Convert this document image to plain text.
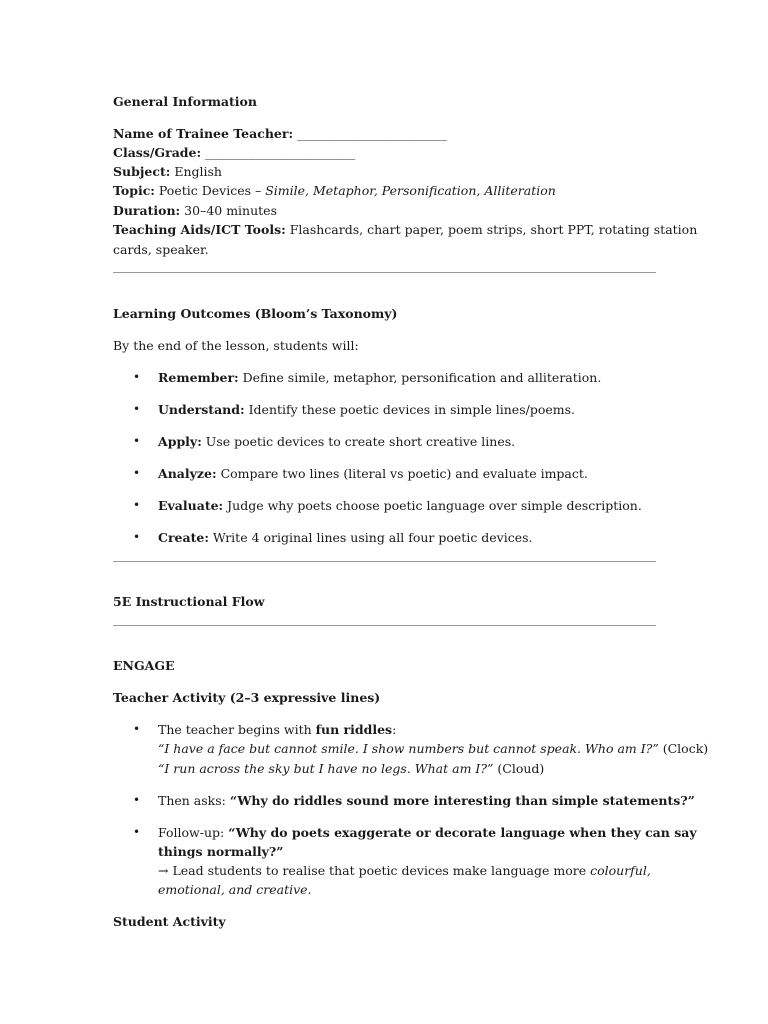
General Information
Name of Trainee Teacher: ________________________
Class/Grade: ________________________
Subject: English
Topic: Poetic Devices – Simile, Metaphor, Personification, Alliteration
Duration: 30–40 minutes
Teaching Aids/ICT Tools: Flashcards, chart paper, poem strips, short PPT, rotating station
cards, speaker.
Learning Outcomes (Bloom’s Taxonomy)
By the end of the lesson, students will:
• Remember: Define simile, metaphor, personification and alliteration.
• Understand: Identify these poetic devices in simple lines/poems.
• Apply: Use poetic devices to create short creative lines.
• Analyze: Compare two lines (literal vs poetic) and evaluate impact.
• Evaluate: Judge why poets choose poetic language over simple description.
• Create: Write 4 original lines using all four poetic devices.
5E Instructional Flow
ENGAGE
Teacher Activity (2–3 expressive lines)
• The teacher begins with fun riddles:
“I have a face but cannot smile. I show numbers but cannot speak. Who am I?” (Clock)
“I run across the sky but I have no legs. What am I?” (Cloud)
• Then asks: “Why do riddles sound more interesting than simple statements?”
• Follow-up: “Why do poets exaggerate or decorate language when they can say
things normally?”
→ Lead students to realise that poetic devices make language more colourful,
emotional, and creative.
Student Activity
